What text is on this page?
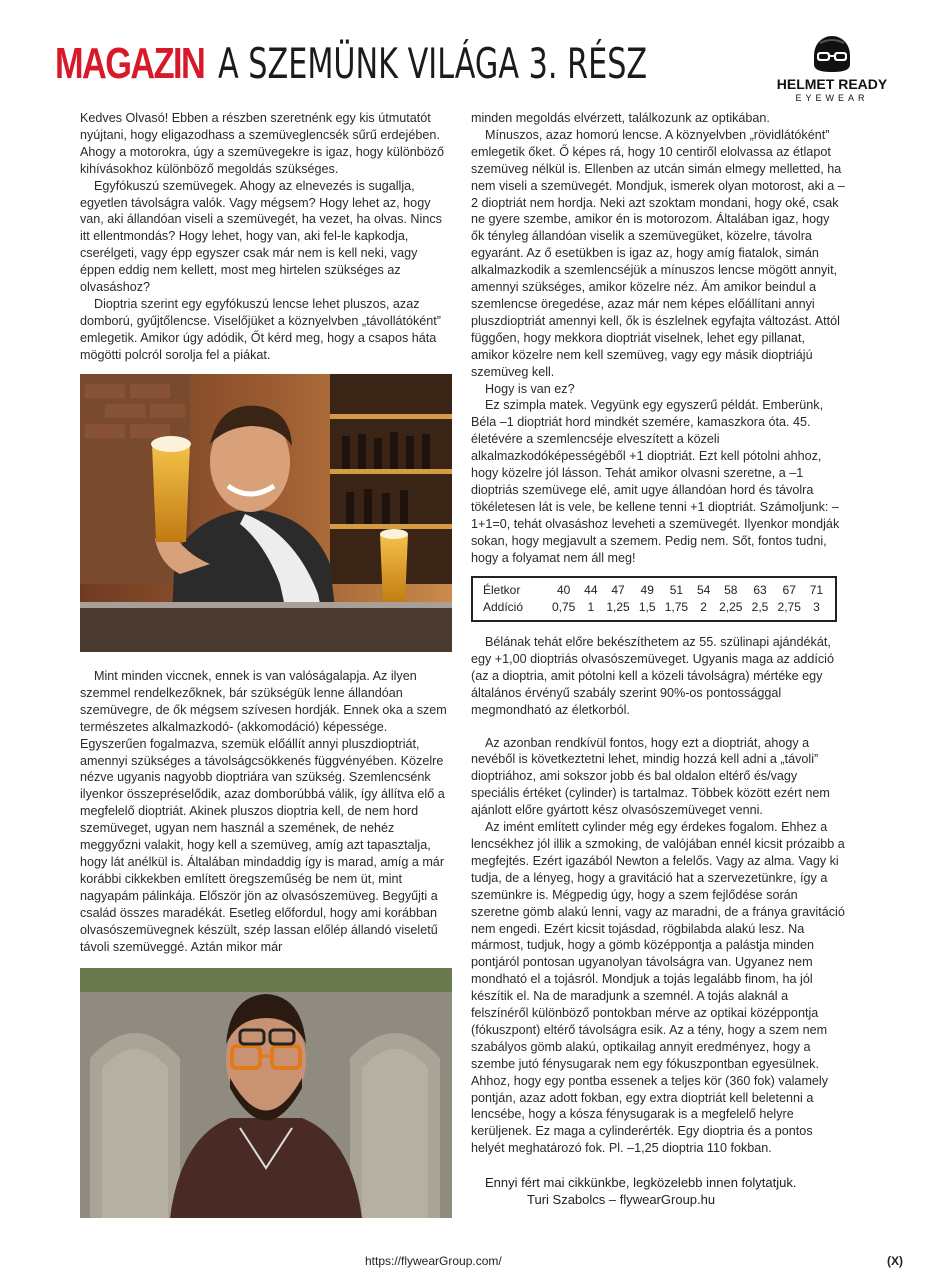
MAGAZIN A SZEMÜNK VILÁGA 3. RÉSZ	HELMET READY
EYEWEAR

Kedves Olvasó! Ebben a részben szeretnénk egy kis útmutatót nyújtani, hogy eligazodhass a szemüveglencsék sűrű erdejében. Ahogy a motorokra, úgy a szemüvegekre is igaz, hogy különböző kihívásokhoz különböző megoldás szükséges.

Egyfókuszú szemüvegek. Ahogy az elnevezés is sugallja, egyetlen távolságra valók. Vagy mégsem? Hogy lehet az, hogy van, aki állandóan viseli a szemüvegét, ha vezet, ha olvas. Nincs itt ellentmondás? Hogy lehet, hogy van, aki fel-le kapkodja, cserélgeti, vagy épp egyszer csak már nem is kell neki, vagy éppen eddig nem kellett, most meg hirtelen szükséges az olvasáshoz?

Dioptria szerint egy egyfókuszú lencse lehet pluszos, azaz domború, gyűjtőlencse. Viselőjüket a köznyelvben „távollátóként” emlegetik. Amikor úgy adódik, Őt kérd meg, hogy a csapos háta mögötti polcról sorolja fel a piákat.

Mint minden viccnek, ennek is van valóságalapja. Az ilyen szemmel rendelkezőknek, bár szükségük lenne állandóan szemüvegre, de ők mégsem szívesen hordják. Ennek oka a szem természetes alkalmazkodó- (akkomodáció) képessége. Egyszerűen fogalmazva, szemük előállít annyi pluszdioptriát, amennyi szükséges a távolságcsökkenés függvényében. Közelre nézve ugyanis nagyobb dioptriára van szükség. Szemlencsénk ilyenkor összepréselődik, azaz domborúbbá válik, így állítva elő a megfelelő dioptriát. Akinek pluszos dioptria kell, de nem hord szemüveget, ugyan nem használ a szemének, de nehéz meggyőzni valakit, hogy kell a szemüveg, amíg azt tapasztalja, hogy lát anélkül is. Általában mindaddig így is marad, amíg a már korábbi cikkekben említett öregszeműség be nem üt, mint nagyapám pálinkája. Először jön az olvasószemüveg. Begyűjti a család összes maradékát. Esetleg előfordul, hogy ami korábban olvasószemüvegnek készült, szép lassan előlép állandó viseletű távoli szemüveggé. Aztán mikor már

minden megoldás elvérzett, találkozunk az optikában.

Mínuszos, azaz homorú lencse. A köznyelvben „rövidlátóként” emlegetik őket. Ő képes rá, hogy 10 centiről elolvassa az étlapot szemüveg nélkül is. Ellenben az utcán simán elmegy melletted, ha nem viseli a szemüvegét. Mondjuk, ismerek olyan motorost, aki a –2 dioptriát nem hordja. Neki azt szoktam mondani, hogy oké, csak ne gyere szembe, amikor én is motorozom. Általában igaz, hogy ők tényleg állandóan viselik a szemüvegüket, közelre, távolra egyaránt. Az ő esetükben is igaz az, hogy amíg fiatalok, simán alkalmazkodik a szemlencséjük a mínuszos lencse mögött annyit, amennyi szükséges, amikor közelre néz. Ám amikor beindul a szemlencse öregedése, azaz már nem képes előállítani annyi pluszdioptriát amennyi kell, ők is észlelnek egyfajta változást. Attól függően, hogy mekkora dioptriát viselnek, lehet egy pillanat, amikor közelre nem kell szemüveg, vagy egy másik dioptriájú szemüveg kell.

Hogy is van ez?

Ez szimpla matek. Vegyünk egy egyszerű példát. Emberünk, Béla –1 dioptriát hord mindkét szemére, kamaszkora óta. 45. életévére a szemlencséje elveszített a közeli alkalmazkodóképességéből +1 dioptriát. Ezt kell pótolni ahhoz, hogy közelre jól lásson. Tehát amikor olvasni szeretne, a –1 dioptriás szemüvege elé, amit ugye állandóan hord és távolra tökéletesen lát is vele, be kellene tenni +1 dioptriát. Számoljunk: –1+1=0, tehát olvasáshoz leveheti a szemüvegét. Ilyenkor mondják sokan, hogy megjavult a szemem. Pedig nem. Sőt, fontos tudni, hogy a folyamat nem áll meg!

Életkor	40	44	47	49	51	54	58	63	67	71
Addíció	0,75	1	1,25	1,5	1,75	2	2,25	2,5	2,75	3

Bélának tehát előre bekészíthetem az 55. szülinapi ajándékát, egy +1,00 dioptriás olvasószemüveget. Ugyanis maga az addíció (az a dioptria, amit pótolni kell a közeli távolságra) mértéke egy általános érvényű szabály szerint 90%-os pontossággal megmondható az életkorból.

Az azonban rendkívül fontos, hogy ezt a dioptriát, ahogy a nevéből is következtetni lehet, mindig hozzá kell adni a „távoli” dioptriához, ami sokszor jobb és bal oldalon eltérő és/vagy speciális értéket (cylinder) is tartalmaz. Többek között ezért nem ajánlott előre gyártott kész olvasószemüveget venni.

Az imént említett cylinder még egy érdekes fogalom. Ehhez a lencsékhez jól illik a szmoking, de valójában ennél kicsit prózaibb a megfejtés. Ezért igazából Newton a felelős. Vagy az alma. Vagy ki tudja, de a lényeg, hogy a gravitáció hat a szervezetünkre, így a szemünkre is. Mégpedig úgy, hogy a szem fejlődése során szeretne gömb alakú lenni, vagy az maradni, de a fránya gravitáció nem engedi. Ezért kicsit tojásdad, rögbilabda alakú lesz. Na mármost, tudjuk, hogy a gömb középpontja a palástja minden pontjáról pontosan ugyanolyan távolságra van. Ugyanez nem mondható el a tojásról. Mondjuk a tojás legalább finom, ha jól készítik el. Na de maradjunk a szemnél. A tojás alaknál a felszínéről különböző pontokban mérve az optikai középpontja (fókuszpont) eltérő távolságra esik. Az a tény, hogy a szem nem szabályos gömb alakú, optikailag annyit eredményez, hogy a szembe jutó fénysugarak nem egy fókuszpontban egyesülnek. Ahhoz, hogy egy pontba essenek a teljes kör (360 fok) valamely pontján, azaz adott fokban, egy extra dioptriát kell beletenni a lencsébe, hogy a kósza fénysugarak is a megfelelő helyre kerüljenek. Ez maga a cylinderérték. Egy dioptria és a pontos helyét meghatározó fok. Pl. –1,25 dioptria 110 fokban.

Ennyi fért mai cikkünkbe, legközelebb innen folytatjuk.
Turi Szabolcs – flywearGroup.hu
https://flywearGroup.com/	(X)
